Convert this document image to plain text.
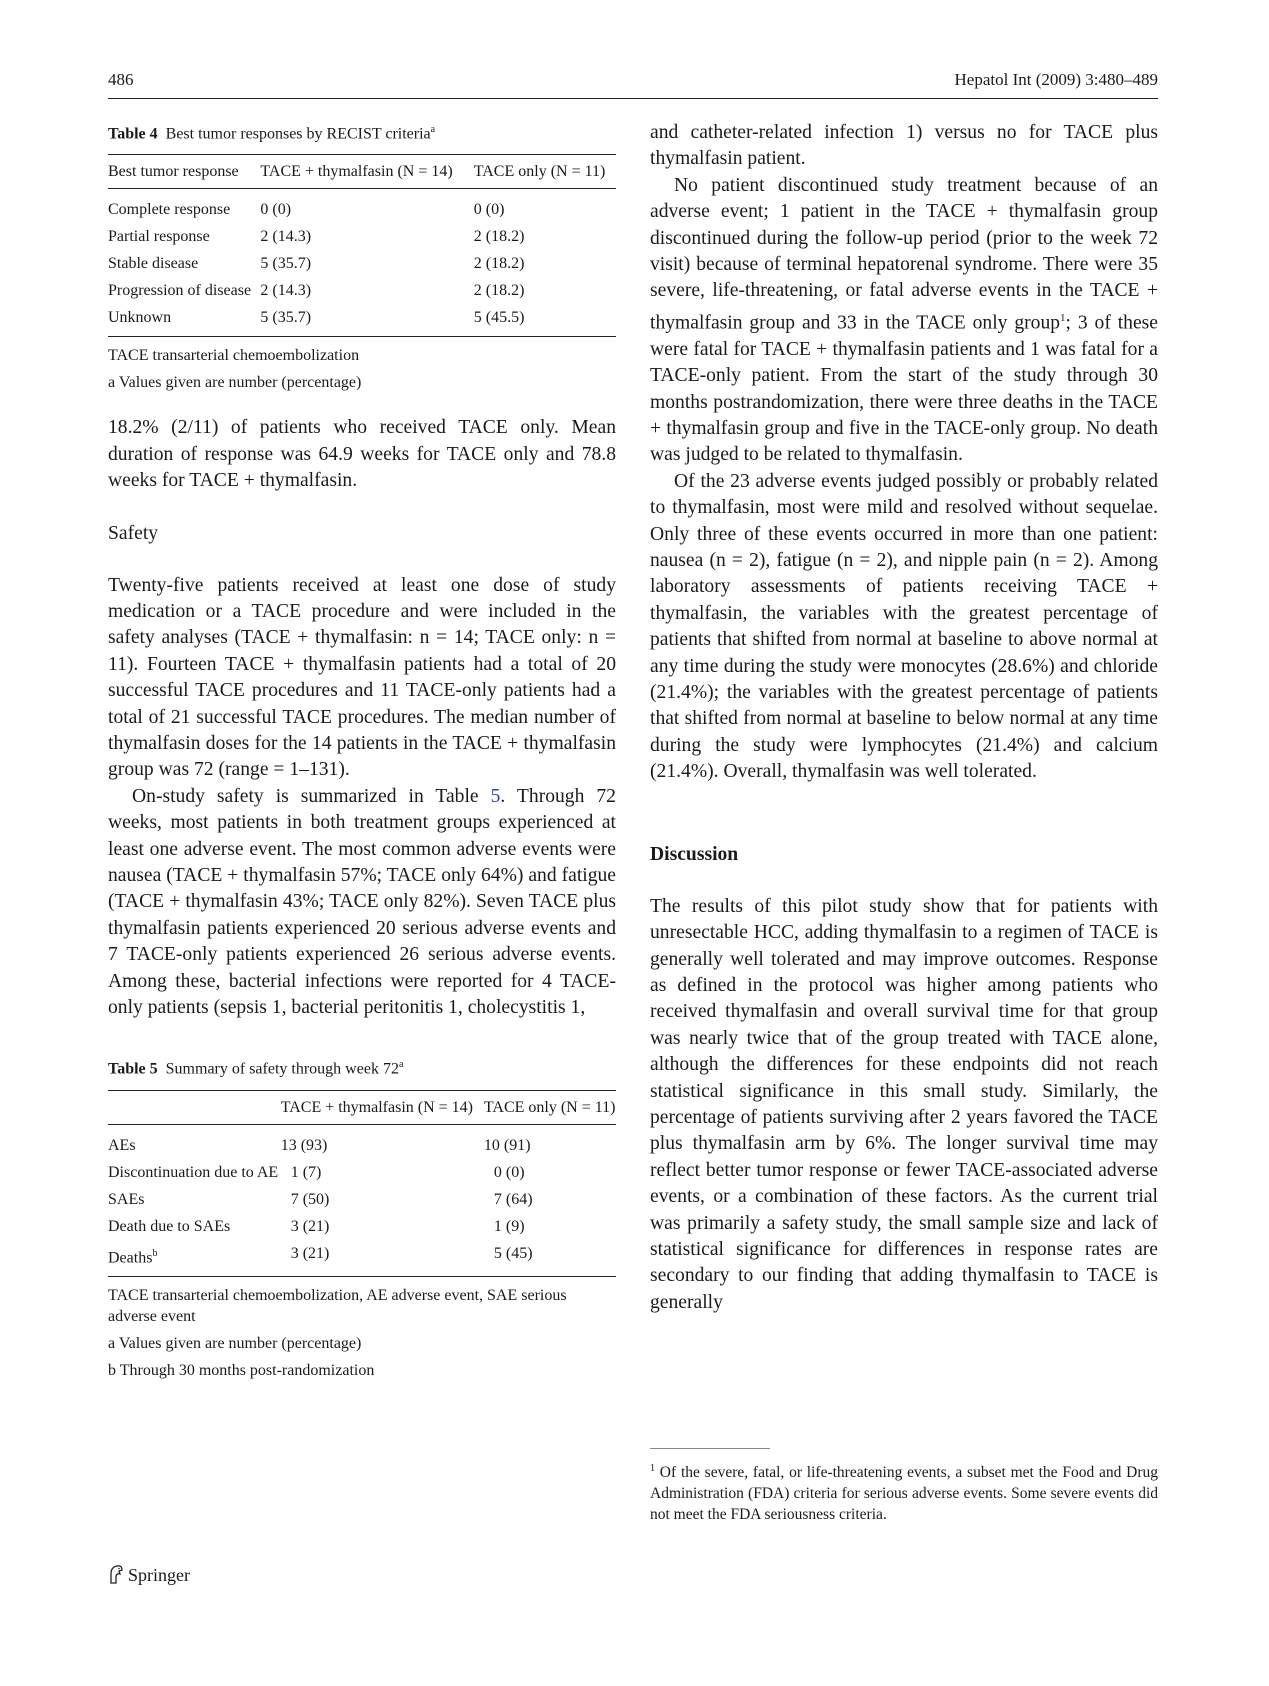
486	Hepatol Int (2009) 3:480–489
Table 4 Best tumor responses by RECIST criteria$^a$
Best tumor response	TACE + thymalfasin (N = 14)	TACE only (N = 11)
Complete response	0 (0)	0 (0)
Partial response	2 (14.3)	2 (18.2)
Stable disease	5 (35.7)	2 (18.2)

Progression of disease	2 (14.3)	2 (18.2)
Unknown	5 (35.7)	5 (45.5)

TACE transarterial chemoembolization

a Values given are number (percentage)

18.2% (2/11) of patients who received TACE only. Mean duration of response was 64.9 weeks for TACE only and 78.8 weeks for TACE + thymalfasin.

Safety

Twenty-five patients received at least one dose of study medication or a TACE procedure and were included in the safety analyses (TACE + thymalfasin: n = 14; TACE only: n = 11). Fourteen TACE + thymalfasin patients had a total of 20 successful TACE procedures and 11 TACE-only patients had a total of 21 successful TACE procedures. The median number of thymalfasin doses for the 14 patients in the TACE + thymalfasin group was 72 (range = 1–131).

On-study safety is summarized in Table 5. Through 72 weeks, most patients in both treatment groups experienced at least one adverse event. The most common adverse events were nausea (TACE + thymalfasin 57%; TACE only 64%) and fatigue (TACE + thymalfasin 43%; TACE only 82%). Seven TACE plus thymalfasin patients experienced 20 serious adverse events and 7 TACE-only patients experienced 26 serious adverse events. Among these, bacterial infections were reported for 4 TACE-only patients (sepsis 1, bacterial peritonitis 1, cholecystitis 1,

Table 5 Summary of safety through week 72$^a$
	TACE + thymalfasin (N = 14)	TACE only (N = 11)
AEs	13 (93)	10 (91)

Discontinuation due to AE	1 (7)	0 (0)
SAEs	7 (50)	7 (64)
Death due to SAEs	3 (21)	1 (9)
Deaths$^b$	3 (21)	5 (45)

TACE transarterial chemoembolization, AE adverse event, SAE serious adverse event

a Values given are number (percentage)

b Through 30 months post-randomization

and catheter-related infection 1) versus no for TACE plus thymalfasin patient.

No patient discontinued study treatment because of an adverse event; 1 patient in the TACE + thymalfasin group discontinued during the follow-up period (prior to the week 72 visit) because of terminal hepatorenal syndrome. There were 35 severe, life-threatening, or fatal adverse events in the TACE + thymalfasin group and 33 in the TACE only group$^1$; 3 of these were fatal for TACE + thymalfasin patients and 1 was fatal for a TACE-only patient. From the start of the study through 30 months postrandomization, there were three deaths in the TACE + thymalfasin group and five in the TACE-only group. No death was judged to be related to thymalfasin.

Of the 23 adverse events judged possibly or probably related to thymalfasin, most were mild and resolved without sequelae. Only three of these events occurred in more than one patient: nausea (n = 2), fatigue (n = 2), and nipple pain (n = 2). Among laboratory assessments of patients receiving TACE + thymalfasin, the variables with the greatest percentage of patients that shifted from normal at baseline to above normal at any time during the study were monocytes (28.6%) and chloride (21.4%); the variables with the greatest percentage of patients that shifted from normal at baseline to below normal at any time during the study were lymphocytes (21.4%) and calcium (21.4%). Overall, thymalfasin was well tolerated.

Discussion

The results of this pilot study show that for patients with unresectable HCC, adding thymalfasin to a regimen of TACE is generally well tolerated and may improve outcomes. Response as defined in the protocol was higher among patients who received thymalfasin and overall survival time for that group was nearly twice that of the group treated with TACE alone, although the differences for these endpoints did not reach statistical significance in this small study. Similarly, the percentage of patients surviving after 2 years favored the TACE plus thymalfasin arm by 6%. The longer survival time may reflect better tumor response or fewer TACE-associated adverse events, or a combination of these factors. As the current trial was primarily a safety study, the small sample size and lack of statistical significance for differences in response rates are secondary to our finding that adding thymalfasin to TACE is generally

$^1$ Of the severe, fatal, or life-threatening events, a subset met the Food and Drug Administration (FDA) criteria for serious adverse events. Some severe events did not meet the FDA seriousness criteria.
Springer
